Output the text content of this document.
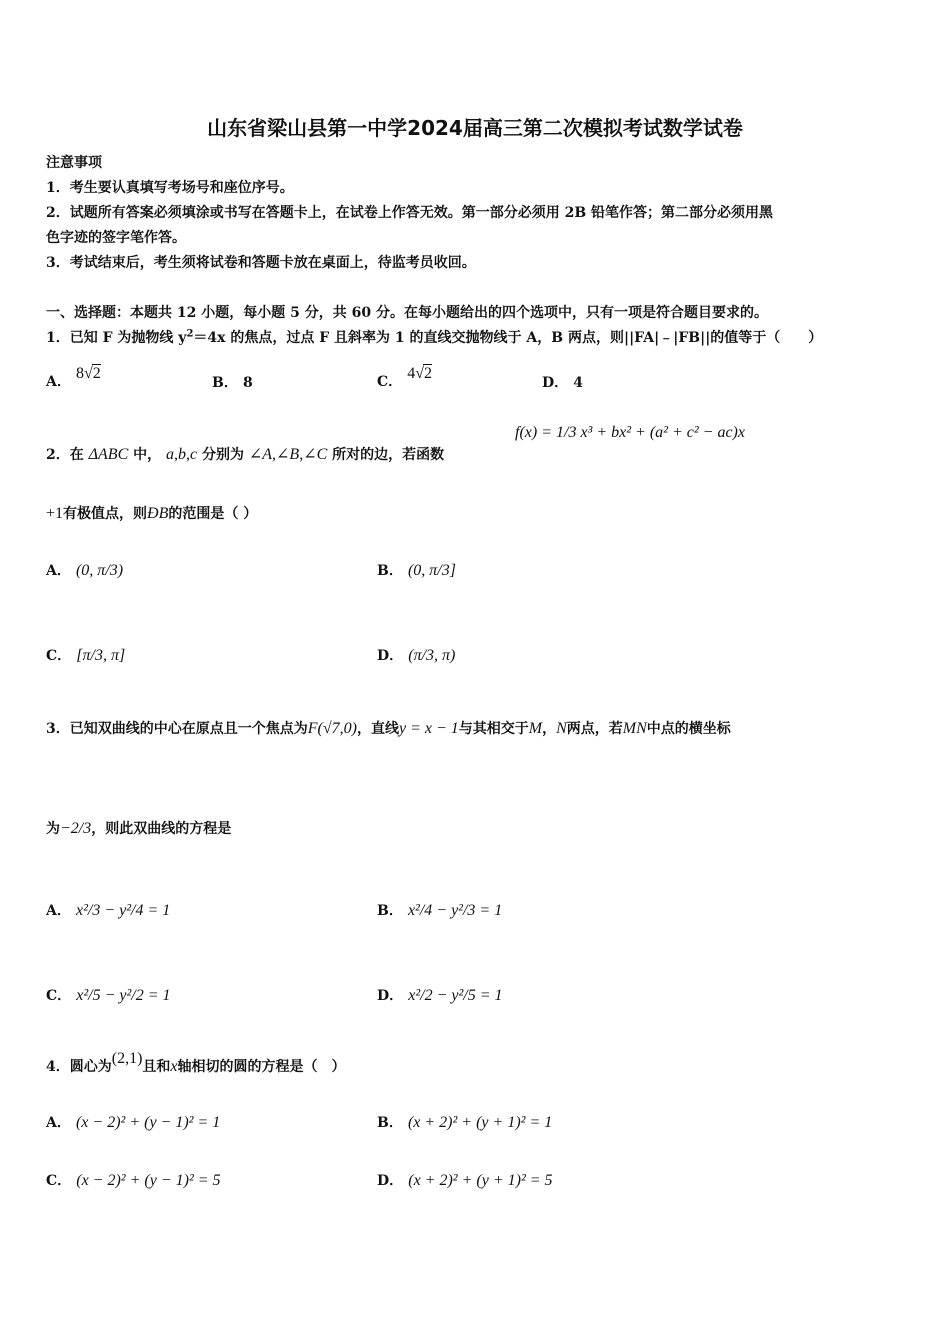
山东省梁山县第一中学2024届高三第二次模拟考试数学试卷
注意事项
1．考生要认真填写考场号和座位序号。
2．试题所有答案必须填涂或书写在答题卡上，在试卷上作答无效。第一部分必须用 2B 铅笔作答；第二部分必须用黑
色字迹的签字笔作答。
3．考试结束后，考生须将试卷和答题卡放在桌面上，待监考员收回。
一、选择题：本题共 12 小题，每小题 5 分，共 60 分。在每小题给出的四个选项中，只有一项是符合题目要求的。
1．已知 F 为抛物线 $y^2=4x$ 的焦点，过点 F 且斜率为 1 的直线交抛物线于 A，B 两点，则||FA|﹣|FB||的值等于（　　）
A． 8√2
B． 8	C． 4√2
D． 4
2．在 ΔABC 中， a,b,c 分别为 ∠A,∠B,∠C 所对的边，若函数
f(x) = 1/3 x³ + bx² + (a² + c² − ac)x
+1有极值点，则ÐB的范围是（ ）
A． (0, π/3)	B． (0, π/3]
C． [π/3, π]	D． (π/3, π)
3．已知双曲线的中心在原点且一个焦点为F(√7,0)，直线y = x − 1与其相交于M，N两点，若MN中点的横坐标
为−2/3，则此双曲线的方程是
A． x²/3 − y²/4 = 1	B． x²/4 − y²/3 = 1
C． x²/5 − y²/2 = 1	D． x²/2 − y²/5 = 1
4．圆心为(2,1)且和x轴相切的圆的方程是（　）
A． (x − 2)² + (y − 1)² = 1	B． (x + 2)² + (y + 1)² = 1
C． (x − 2)² + (y − 1)² = 5	D． (x + 2)² + (y + 1)² = 5
